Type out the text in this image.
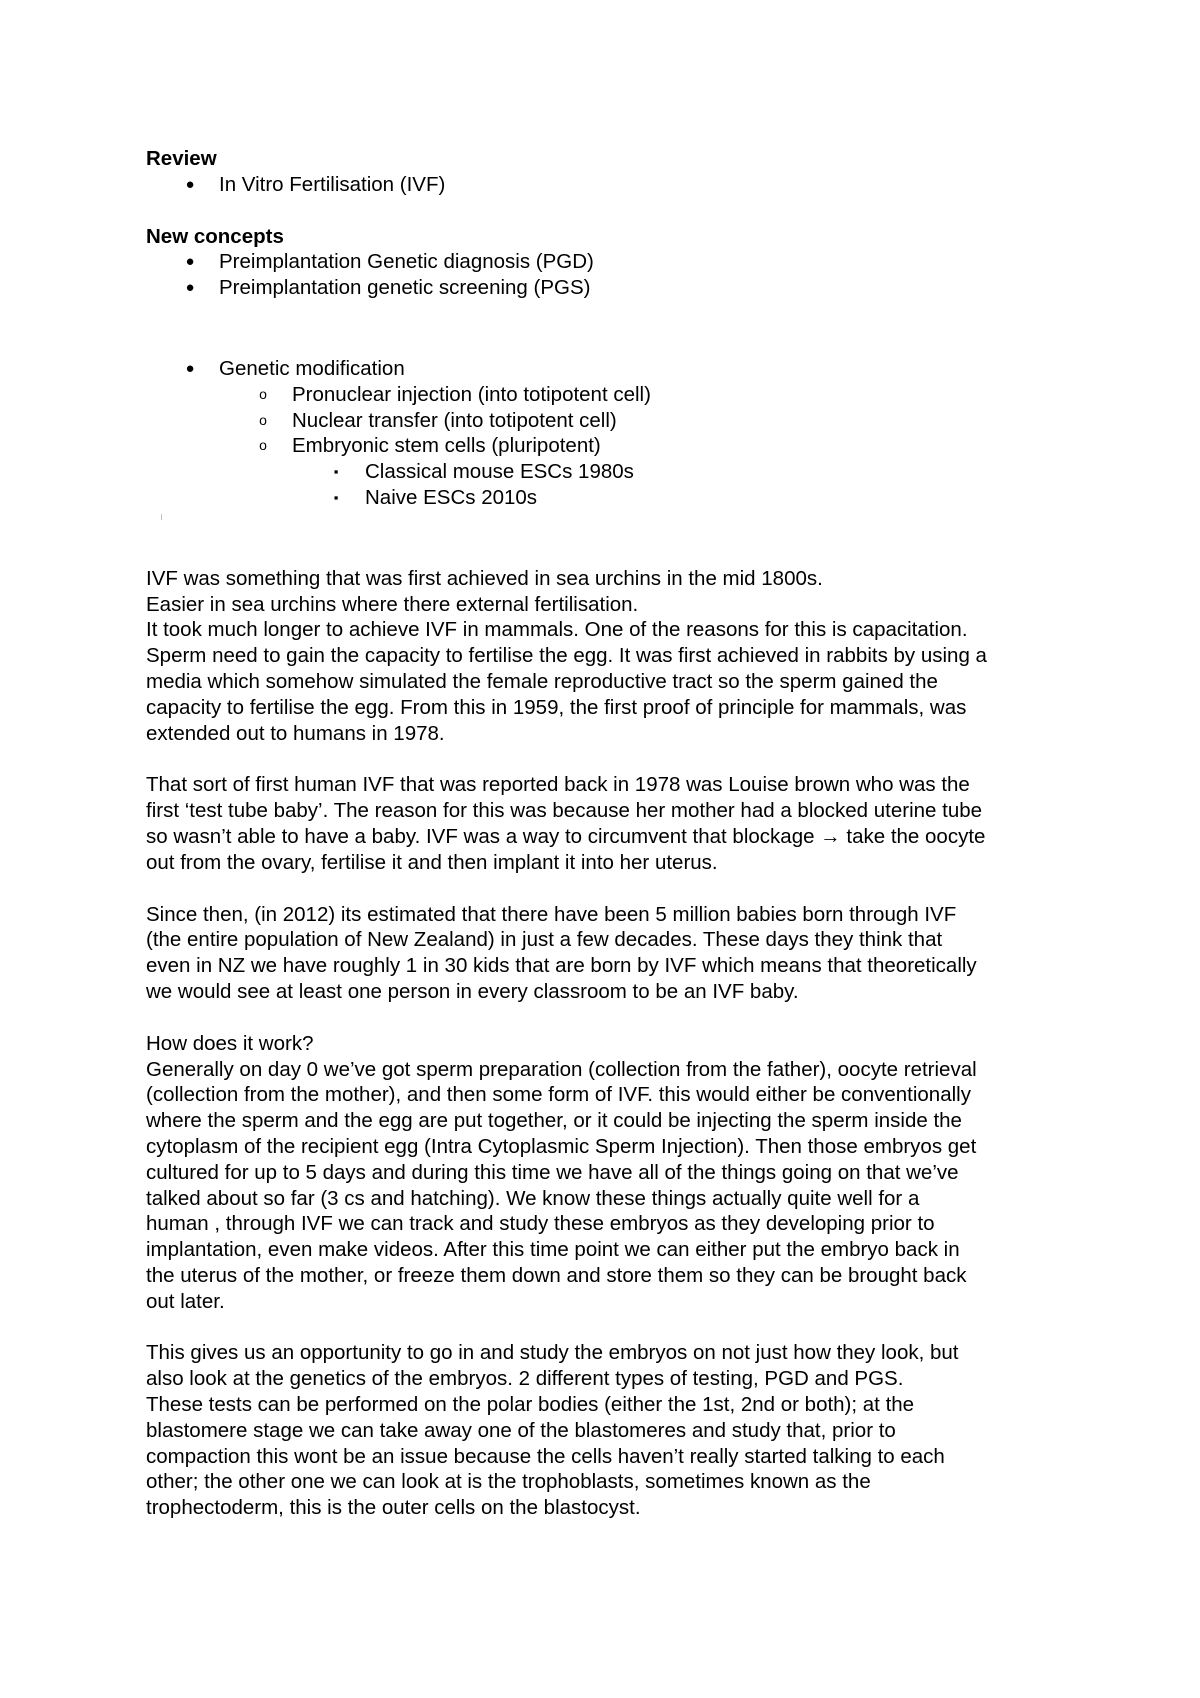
Review
● In Vitro Fertilisation (IVF)
New concepts
● Preimplantation Genetic diagnosis (PGD)
● Preimplantation genetic screening (PGS)
● Genetic modification
o Pronuclear injection (into totipotent cell)
o Nuclear transfer (into totipotent cell)
o Embryonic stem cells (pluripotent)
▪	Classical mouse ESCs 1980s
▪	Naive ESCs 2010s

IVF was something that was first achieved in sea urchins in the mid 1800s.
Easier in sea urchins where there external fertilisation.
It took much longer to achieve IVF in mammals. One of the reasons for this is capacitation.
Sperm need to gain the capacity to fertilise the egg. It was first achieved in rabbits by using a
media which somehow simulated the female reproductive tract so the sperm gained the
capacity to fertilise the egg. From this in 1959, the first proof of principle for mammals, was
extended out to humans in 1978.

That sort of first human IVF that was reported back in 1978 was Louise brown who was the
first ‘test tube baby’. The reason for this was because her mother had a blocked uterine tube
so wasn’t able to have a baby. IVF was a way to circumvent that blockage → take the oocyte
out from the ovary, fertilise it and then implant it into her uterus.

Since then, (in 2012) its estimated that there have been 5 million babies born through IVF
(the entire population of New Zealand) in just a few decades. These days they think that
even in NZ we have roughly 1 in 30 kids that are born by IVF which means that theoretically
we would see at least one person in every classroom to be an IVF baby.

How does it work?
Generally on day 0 we’ve got sperm preparation (collection from the father), oocyte retrieval
(collection from the mother), and then some form of IVF. this would either be conventionally
where the sperm and the egg are put together, or it could be injecting the sperm inside the
cytoplasm of the recipient egg (Intra Cytoplasmic Sperm Injection). Then those embryos get
cultured for up to 5 days and during this time we have all of the things going on that we’ve
talked about so far (3 cs and hatching). We know these things actually quite well for a
human , through IVF we can track and study these embryos as they developing prior to
implantation, even make videos. After this time point we can either put the embryo back in
the uterus of the mother, or freeze them down and store them so they can be brought back
out later.

This gives us an opportunity to go in and study the embryos on not just how they look, but
also look at the genetics of the embryos. 2 different types of testing, PGD and PGS.
These tests can be performed on the polar bodies (either the 1st, 2nd or both); at the
blastomere stage we can take away one of the blastomeres and study that, prior to
compaction this wont be an issue because the cells haven’t really started talking to each
other; the other one we can look at is the trophoblasts, sometimes known as the
trophectoderm, this is the outer cells on the blastocyst.
